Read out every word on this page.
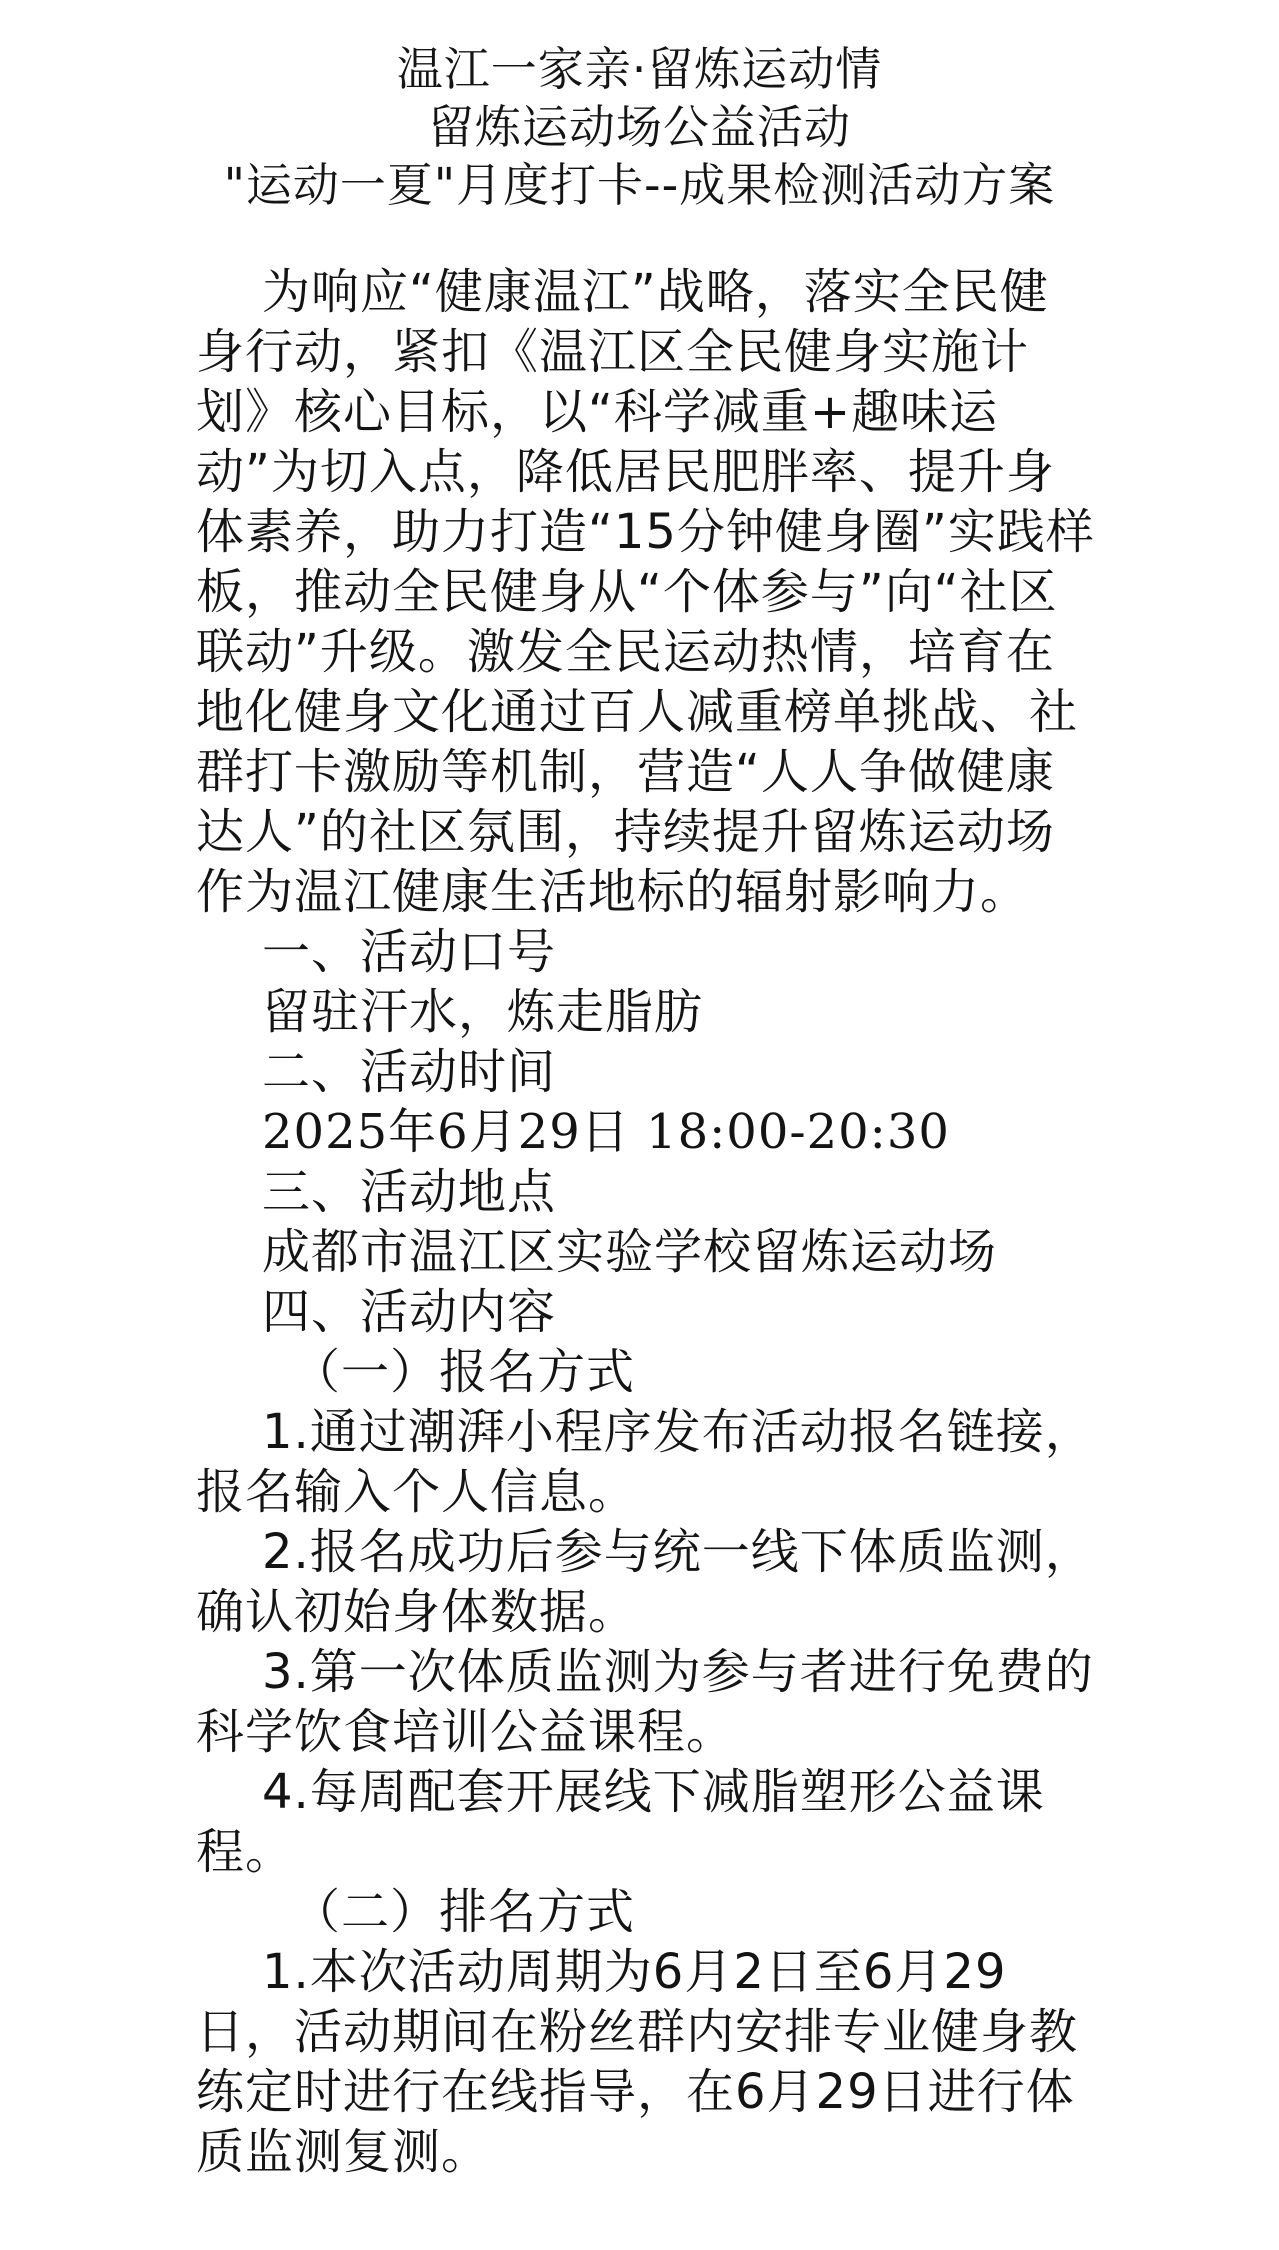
温江一家亲·留炼运动情
留炼运动场公益活动
"运动一夏"月度打卡--成果检测活动方案

为响应“健康温江”战略，落实全民健身行动，紧扣《温江区全民健身实施计划》核心目标，以“科学减重+趣味运动”为切入点，降低居民肥胖率、提升身体素养，助力打造“15分钟健身圈”实践样板，推动全民健身从“个体参与”向“社区联动”升级。激发全民运动热情，培育在地化健身文化通过百人减重榜单挑战、社群打卡激励等机制，营造“人人争做健康达人”的社区氛围，持续提升留炼运动场作为温江健康生活地标的辐射影响力。

一、活动口号
留驻汗水，炼走脂肪
二、活动时间
2025年6月29日 18:00-20:30
三、活动地点
成都市温江区实验学校留炼运动场
四、活动内容
（一）报名方式

1.通过潮湃小程序发布活动报名链接，报名输入个人信息。

2.报名成功后参与统一线下体质监测，确认初始身体数据。

3.第一次体质监测为参与者进行免费的科学饮食培训公益课程。

4.每周配套开展线下减脂塑形公益课程。

（二）排名方式

1.本次活动周期为6月2日至6月29日，活动期间在粉丝群内安排专业健身教练定时进行在线指导，在6月29日进行体质监测复测。
